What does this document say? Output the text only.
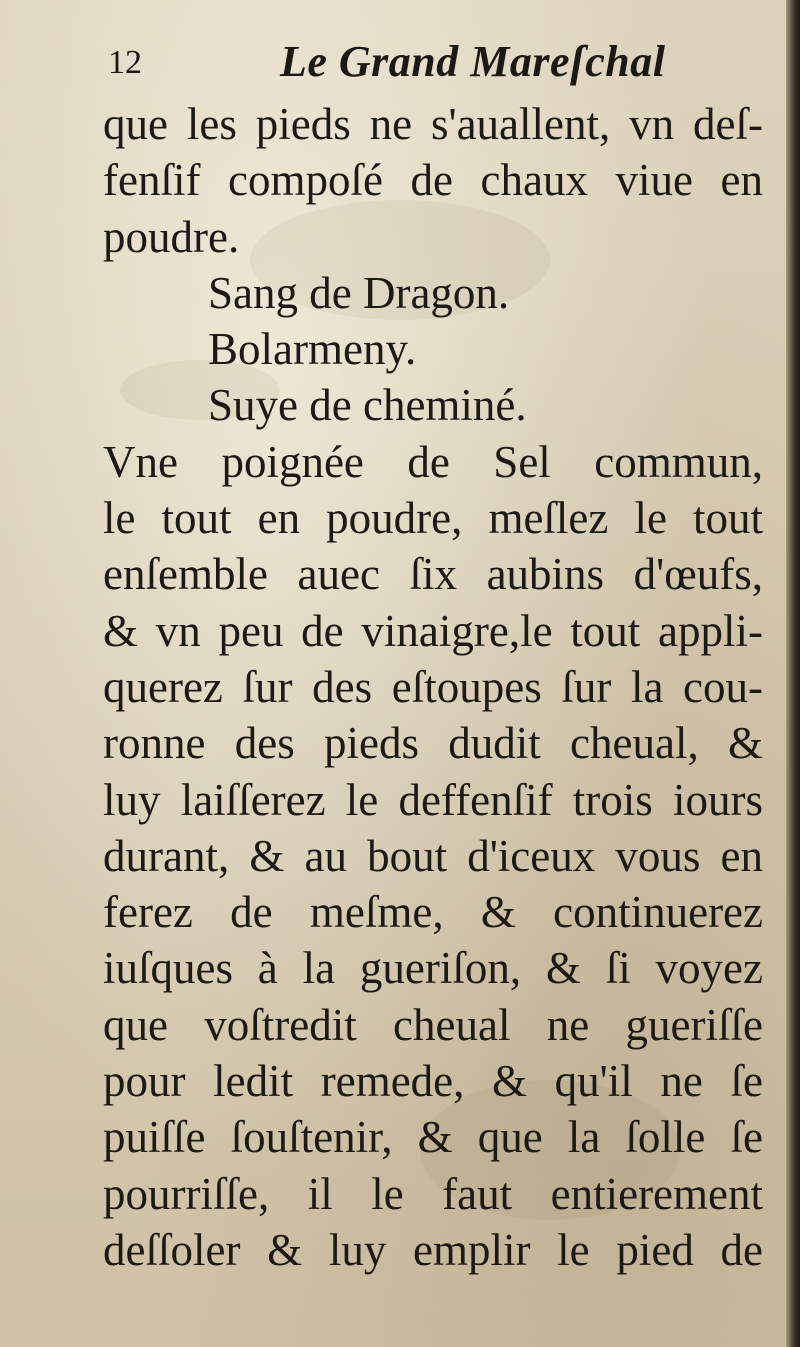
12	Le Grand Mareſchal
que les pieds ne s'auallent, vn deſ-
fenſif compoſé de chaux viue en
poudre.
Sang de Dragon.
Bolarmeny.
Suye de cheminé.
Vne poignée de Sel commun,
le tout en poudre, meſlez le tout
enſemble auec ſix aubins d'œufs,
& vn peu de vinaigre,le tout appli-
querez ſur des eſtoupes ſur la cou-
ronne des pieds dudit cheual, &
luy laiſſerez le deffenſif trois iours
durant, & au bout d'iceux vous en
ferez de meſme, & continuerez
iuſques à la gueriſon, & ſi voyez
que voſtredit cheual ne gueriſſe
pour ledit remede, & qu'il ne ſe
puiſſe ſouſtenir, & que la ſolle ſe
pourriſſe, il le faut entierement
deſſoler & luy emplir le pied de
